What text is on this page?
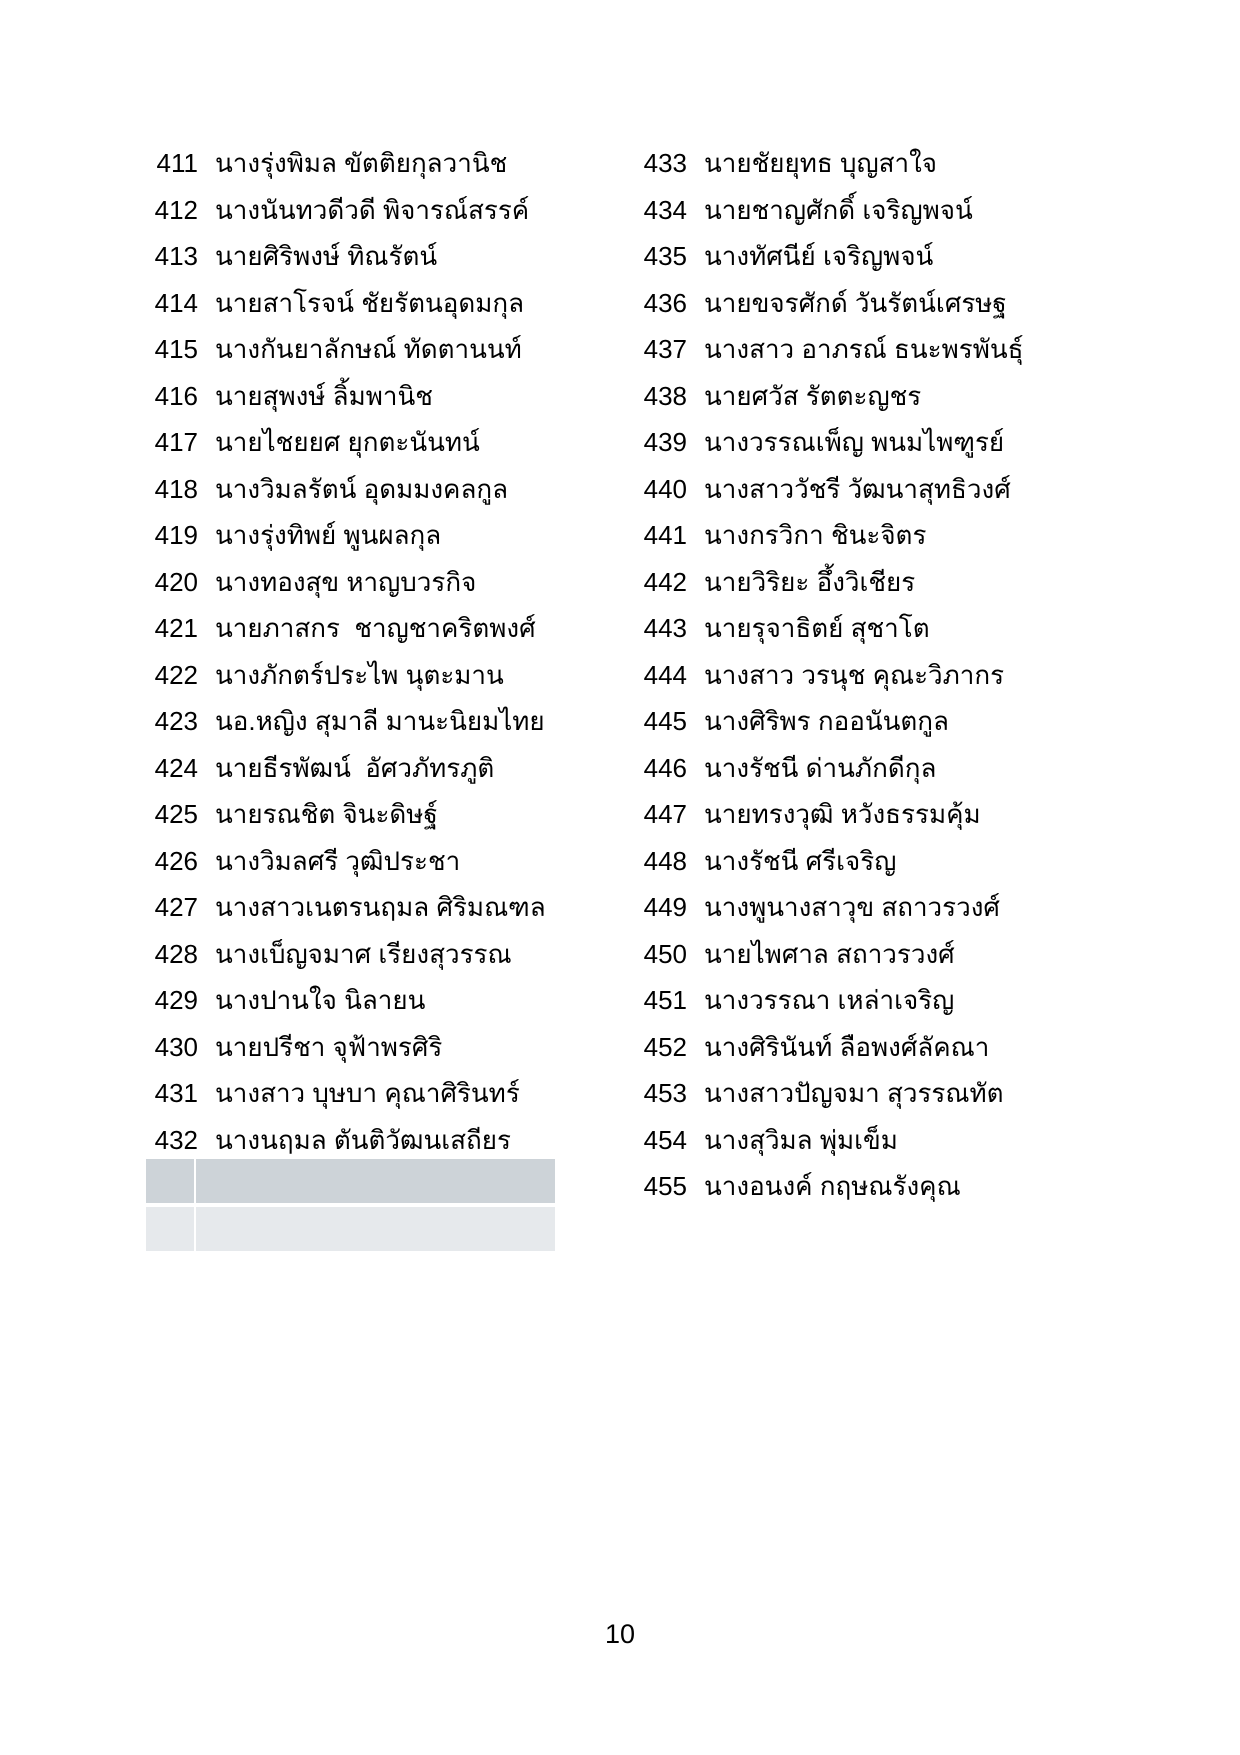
411 นางรุ่งพิมล ขัตติยกุลวานิช
412 นางนันทวดีวดี พิจารณ์สรรค์
413 นายศิริพงษ์ ทิณรัตน์
414 นายสาโรจน์ ชัยรัตนอุดมกุล
415 นางกันยาลักษณ์ ทัดตานนท์
416 นายสุพงษ์ ลิ้มพานิช
417 นายไชยยศ ยุกตะนันทน์
418 นางวิมลรัตน์ อุดมมงคลกูล
419 นางรุ่งทิพย์ พูนผลกุล
420 นางทองสุข หาญบวรกิจ
421 นายภาสกร  ชาญชาคริตพงศ์
422 นางภักตร์ประไพ นุตะมาน
423 นอ.หญิง สุมาลี มานะนิยมไทย
424 นายธีรพัฒน์  อัศวภัทรภูติ
425 นายรณชิต จินะดิษฐ์
426 นางวิมลศรี วุฒิประชา
427 นางสาวเนตรนฤมล ศิริมณฑล
428 นางเบ็ญจมาศ เรียงสุวรรณ
429 นางปานใจ นิลายน
430 นายปรีชา จุฟ้าพรศิริ
431 นางสาว บุษบา คุณาศิรินทร์
432 นางนฤมล ตันติวัฒนเสถียร
433 นายชัยยุทธ บุญสาใจ
434 นายชาญศักดิ์ เจริญพจน์
435 นางทัศนีย์ เจริญพจน์
436 นายขจรศักด์ วันรัตน์เศรษฐ
437 นางสาว อาภรณ์ ธนะพรพันธุ์
438 นายศวัส รัตตะญชร
439 นางวรรณเพ็ญ พนมไพฑูรย์
440 นางสาววัชรี วัฒนาสุทธิวงศ์
441 นางกรวิกา ชินะจิตร
442 นายวิริยะ อึ้งวิเชียร
443 นายรุจาธิตย์ สุชาโต
444 นางสาว วรนุช คุณะวิภากร
445 นางศิริพร กออนันตกูล
446 นางรัชนี ด่านภักดีกุล
447 นายทรงวุฒิ หวังธรรมคุ้ม
448 นางรัชนี ศรีเจริญ
449 นางพูนางสาวุข สถาวรวงศ์
450 นายไพศาล สถาวรวงศ์
451 นางวรรณา เหล่าเจริญ
452 นางศิรินันท์ ลือพงศ์ลัคณา
453 นางสาวปัญจมา สุวรรณทัต
454 นางสุวิมล พุ่มเข็ม
455 นางอนงค์ กฤษณรังคุณ
10
